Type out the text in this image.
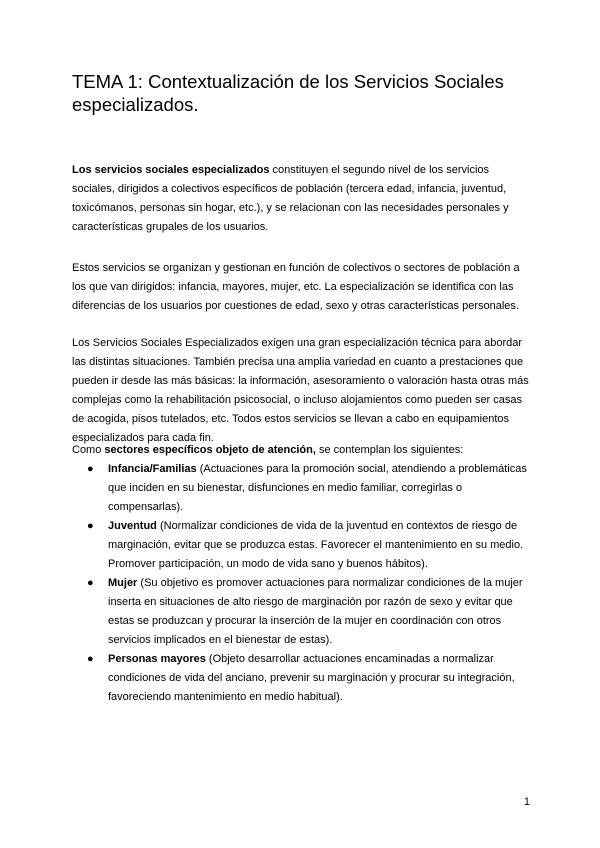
TEMA 1: Contextualización de los Servicios Sociales especializados.

Los servicios sociales especializados constituyen el segundo nivel de los servicios sociales, dirigidos a colectivos específicos de población (tercera edad, infancia, juventud, toxicómanos, personas sin hogar, etc.), y se relacionan con las necesidades personales y características grupales de los usuarios.

Estos servicios se organizan y gestionan en función de colectivos o sectores de población a los que van dirigidos: infancia, mayores, mujer, etc. La especialización se identifica con las diferencias de los usuarios por cuestiones de edad, sexo y otras características personales.

Los Servicios Sociales Especializados exigen una gran especialización técnica para abordar las distintas situaciones. También precisa una amplia variedad en cuanto a prestaciones que pueden ir desde las más básicas: la información, asesoramiento o valoración hasta otras más complejas como la rehabilitación psicosocial, o incluso alojamientos como pueden ser casas de acogida, pisos tutelados, etc. Todos estos servicios se llevan a cabo en equipamientos especializados para cada fin.

Como sectores específicos objeto de atención, se contemplan los siguientes:

● Infancia/Familias (Actuaciones para la promoción social, atendiendo a problemáticas que inciden en su bienestar, disfunciones en medio familiar, corregirlas o compensarlas).
● Juventud (Normalizar condiciones de vida de la juventud en contextos de riesgo de marginación, evitar que se produzca estas. Favorecer el mantenimiento en su medio. Promover participación, un modo de vida sano y buenos hábitos).
● Mujer (Su objetivo es promover actuaciones para normalizar condiciones de la mujer inserta en situaciones de alto riesgo de marginación por razón de sexo y evitar que estas se produzcan y procurar la inserción de la mujer en coordinación con otros servicios implicados en el bienestar de estas).
● Personas mayores (Objeto desarrollar actuaciones encaminadas a normalizar condiciones de vida del anciano, prevenir su marginación y procurar su integración, favoreciendo mantenimiento en medio habitual).
1
